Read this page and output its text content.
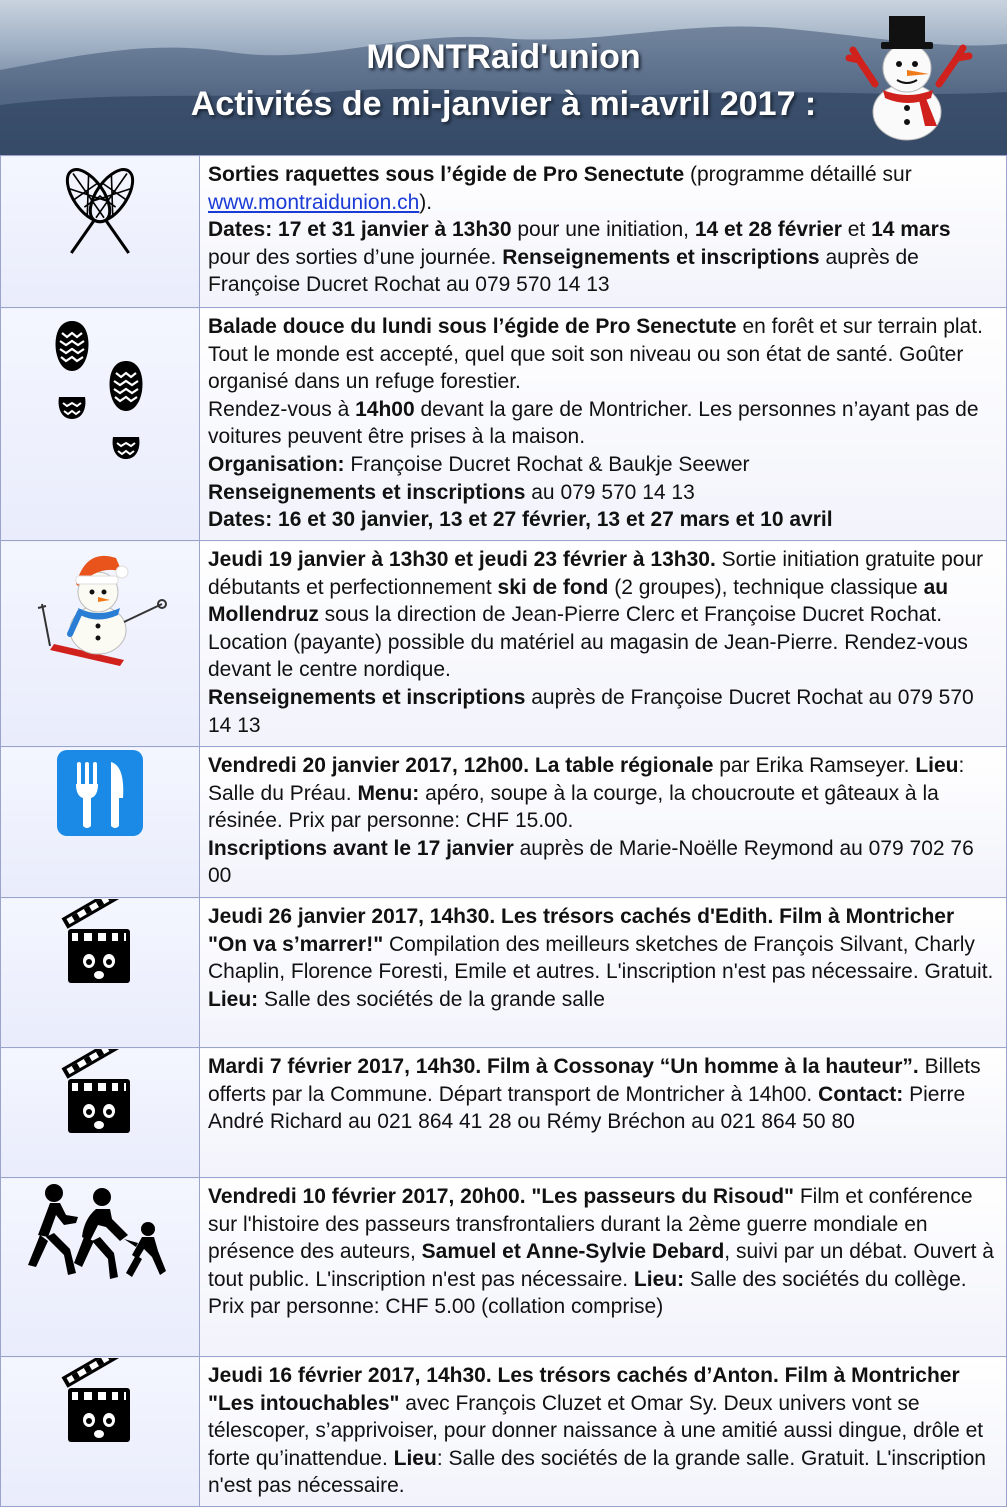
MONTRaid'union
Activités de mi-janvier à mi-avril 2017 :
	Sorties raquettes sous l’égide de Pro Senectute (programme détaillé sur www.montraidunion.ch).
Dates: 17 et 31 janvier à 13h30 pour une initiation, 14 et 28 février et 14 mars pour des sorties d’une journée. Renseignements et inscriptions auprès de Françoise Ducret Rochat au 079 570 14 13
	Balade douce du lundi sous l’égide de Pro Senectute en forêt et sur terrain plat. Tout le monde est accepté, quel que soit son niveau ou son état de santé. Goûter organisé dans un refuge forestier.
Rendez-vous à 14h00 devant la gare de Montricher. Les personnes n’ayant pas de voitures peuvent être prises à la maison.
Organisation: Françoise Ducret Rochat & Baukje Seewer
Renseignements et inscriptions au 079 570 14 13
Dates: 16 et 30 janvier, 13 et 27 février, 13 et 27 mars et 10 avril
	Jeudi 19 janvier à 13h30 et jeudi 23 février à 13h30. Sortie initiation gratuite pour débutants et perfectionnement ski de fond (2 groupes), technique classique au Mollendruz sous la direction de Jean-Pierre Clerc et Françoise Ducret Rochat. Location (payante) possible du matériel au magasin de Jean-Pierre. Rendez-vous devant le centre nordique.
Renseignements et inscriptions auprès de Françoise Ducret Rochat au 079 570 14 13
	Vendredi 20 janvier 2017, 12h00. La table régionale par Erika Ramseyer. Lieu: Salle du Préau. Menu: apéro, soupe à la courge, la choucroute et gâteaux à la résinée. Prix par personne: CHF 15.00.
Inscriptions avant le 17 janvier auprès de Marie-Noëlle Reymond au 079 702 76 00
	Jeudi 26 janvier 2017, 14h30. Les trésors cachés d'Edith. Film à Montricher "On va s’marrer!" Compilation des meilleurs sketches de François Silvant, Charly Chaplin, Florence Foresti, Emile et autres. L'inscription n'est pas nécessaire. Gratuit. Lieu: Salle des sociétés de la grande salle
	Mardi 7 février 2017, 14h30. Film à Cossonay “Un homme à la hauteur”. Billets offerts par la Commune. Départ transport de Montricher à 14h00. Contact: Pierre André Richard au 021 864 41 28 ou Rémy Bréchon au 021 864 50 80
	Vendredi 10 février 2017, 20h00. "Les passeurs du Risoud" Film et conférence sur l'histoire des passeurs transfrontaliers durant la 2ème guerre mondiale en présence des auteurs, Samuel et Anne-Sylvie Debard, suivi par un débat. Ouvert à tout public. L'inscription n'est pas nécessaire. Lieu: Salle des sociétés du collège. Prix par personne: CHF 5.00 (collation comprise)
	Jeudi 16 février 2017, 14h30. Les trésors cachés d’Anton. Film à Montricher "Les intouchables" avec François Cluzet et Omar Sy. Deux univers vont se télescoper, s’apprivoiser, pour donner naissance à une amitié aussi dingue, drôle et forte qu’inattendue. Lieu: Salle des sociétés de la grande salle. Gratuit. L'inscription n'est pas nécessaire.
